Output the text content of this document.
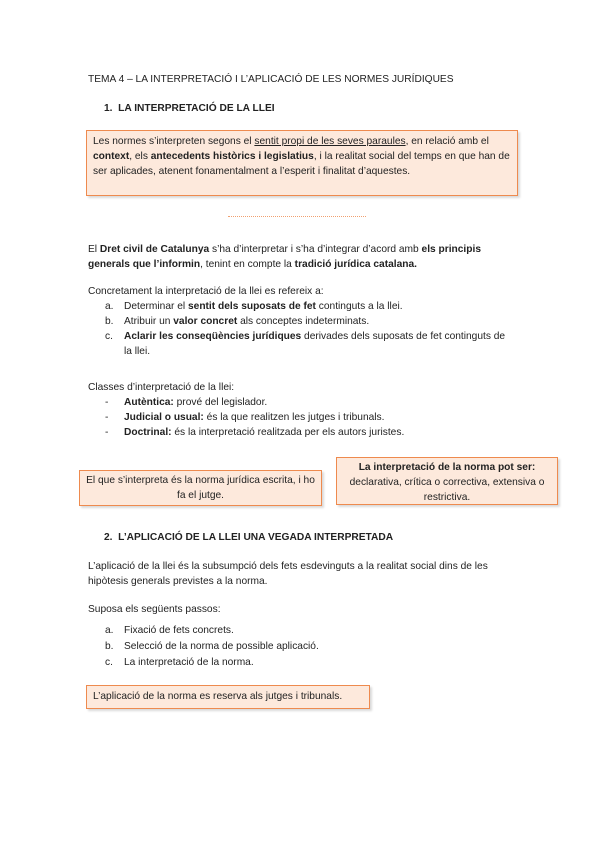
TEMA 4 – LA INTERPRETACIÓ I L’APLICACIÓ DE LES NORMES JURÍDIQUES
1. LA INTERPRETACIÓ DE LA LLEI

Les normes s’interpreten segons el sentit propi de les seves paraules, en relació amb el context, els antecedents històrics i legislatius, i la realitat social del temps en que han de ser aplicades, atenent fonamentalment a l’esperit i finalitat d’aquestes.

El Dret civil de Catalunya s’ha d’interpretar i s’ha d’integrar d’acord amb els principis generals que l’informin, tenint en compte la tradició jurídica catalana.

Concretament la interpretació de la llei es refereix a:

a. Determinar el sentit dels suposats de fet continguts a la llei.
b. Atribuir un valor concret als conceptes indeterminats.
c. Aclarir les conseqüències jurídiques derivades dels suposats de fet continguts de la llei.

Classes d’interpretació de la llei:

- Autèntica: prové del legislador.
- Judicial o usual: és la que realitzen les jutges i tribunals.
- Doctrinal: és la interpretació realitzada per els autors juristes.

El que s’interpreta és la norma jurídica escrita, i ho fa el jutge.

La interpretació de la norma pot ser:

declarativa, crítica o correctiva, extensiva o restrictiva.

2. L’APLICACIÓ DE LA LLEI UNA VEGADA INTERPRETADA

L’aplicació de la llei és la subsumpció dels fets esdevinguts a la realitat social dins de les hipòtesis generals previstes a la norma.

Suposa els següents passos:

a. Fixació de fets concrets.
b. Selecció de la norma de possible aplicació.
c. La interpretació de la norma.

L’aplicació de la norma es reserva als jutges i tribunals.
